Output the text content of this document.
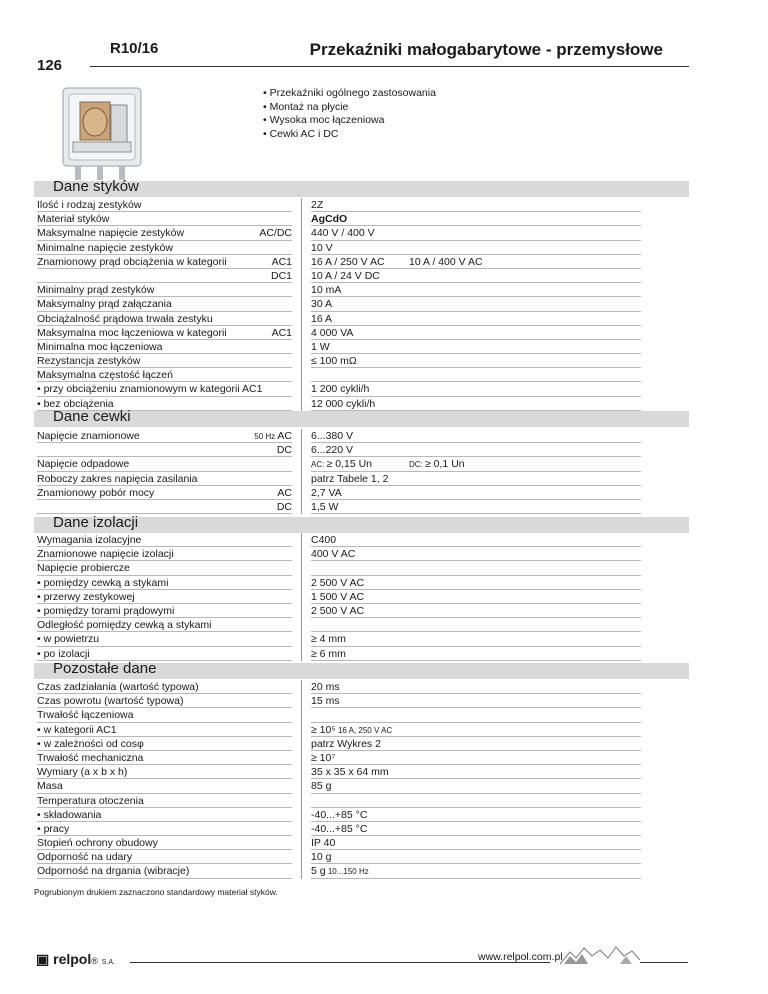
R10/16	Przekaźniki małogabarytowe - przemysłowe
126
• Przekaźniki ogólnego zastosowania
• Montaż na płycie
• Wysoka moc łączeniowa
• Cewki AC i DC
Dane styków
Ilość i rodzaj zestyków	2Z
Materiał styków	AgCdO
Maksymalne napięcie zestyków	AC/DC 440 V / 400 V
Minimalne napięcie zestyków	10 V
Znamionowy prąd obciążenia w kategorii	AC1 16 A / 250 V AC	10 A / 400 V AC
DC1 10 A / 24 V DC
Minimalny prąd zestyków	10 mA
Maksymalny prąd załączania	30 A
Obciążalność prądowa trwała zestyku	16 A
Maksymalna moc łączeniowa w kategorii	AC1 4 000 VA
Minimalna moc łączeniowa	1 W
Rezystancja zestyków	≤ 100 mΩ
Maksymalna częstość łączeń
• przy obciążeniu znamionowym w kategorii AC1	1 200 cykli/h
• bez obciążenia	12 000 cykli/h
Dane cewki
Napięcie znamionowe	50 Hz AC 6...380 V
DC 6...220 V
Napięcie odpadowe	AC: ≥ 0,15 Un	DC: ≥ 0,1 Un
Roboczy zakres napięcia zasilania	patrz Tabele 1, 2
Znamionowy pobór mocy	AC 2,7 VA
DC 1,5 W
Dane izolacji
Wymagania izolacyjne	C400
Znamionowe napięcie izolacji	400 V AC
Napięcie probiercze
• pomiędzy cewką a stykami	2 500 V AC
• przerwy zestykowej	1 500 V AC
• pomiędzy torami prądowymi	2 500 V AC
Odległość pomiędzy cewką a stykami
• w powietrzu	≥ 4 mm
• po izolacji	≥ 6 mm
Pozostałe dane
Czas zadziałania (wartość typowa)	20 ms
Czas powrotu (wartość typowa)	15 ms
Trwałość łączeniowa
• w kategorii AC1	≥ 10⁵ 16 A, 250 V AC
• w zależności od cosφ	patrz Wykres 2
Trwałość mechaniczna	≥ 10⁷
Wymiary (a x b x h)	35 x 35 x 64 mm
Masa	85 g
Temperatura otoczenia
• składowania	-40...+85 °C
• pracy	-40...+85 °C
Stopień ochrony obudowy	IP 40
Odporność na udary	10 g
Odporność na drgania (wibracje)	5 g 10...150 Hz
Pogrubionym drukiem zaznaczono standardowy materiał styków.
▣ relpol® S.A.	www.relpol.com.pl
